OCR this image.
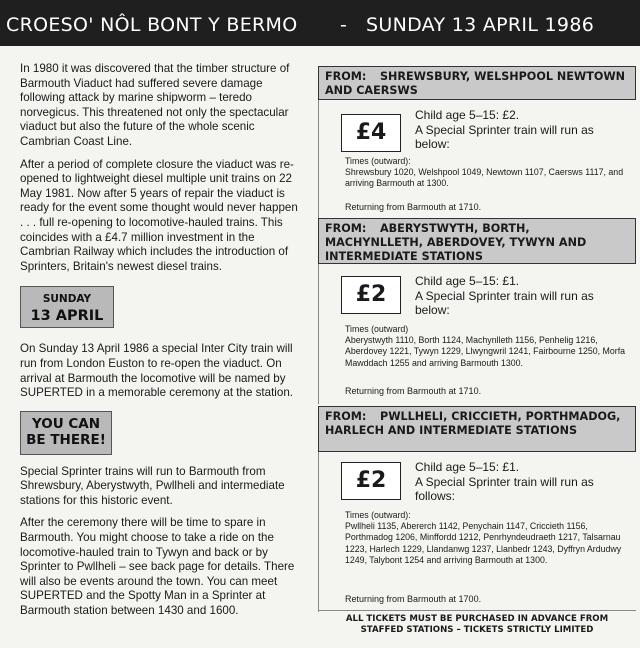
CROESO' NÔL BONT Y BERMO - SUNDAY 13 APRIL 1986

In 1980 it was discovered that the timber structure of Barmouth Viaduct had suffered severe damage following attack by marine shipworm – teredo norvegicus. This threatened not only the spectacular viaduct but also the future of the whole scenic Cambrian Coast Line.

After a period of complete closure the viaduct was re-opened to lightweight diesel multiple unit trains on 22 May 1981. Now after 5 years of repair the viaduct is ready for the event some thought would never happen . . . full re-opening to locomotive-hauled trains. This coincides with a £4.7 million investment in the Cambrian Railway which includes the introduction of Sprinters, Britain's newest diesel trains.

SUNDAY
13 APRIL

On Sunday 13 April 1986 a special Inter City train will run from London Euston to re-open the viaduct. On arrival at Barmouth the locomotive will be named by SUPERTED in a memorable ceremony at the station.

YOU CAN
BE THERE!

Special Sprinter trains will run to Barmouth from Shrewsbury, Aberystwyth, Pwllheli and intermediate stations for this historic event.

After the ceremony there will be time to spare in Barmouth. You might choose to take a ride on the locomotive-hauled train to Tywyn and back or by Sprinter to Pwllheli – see back page for details. There will also be events around the town. You can meet SUPERTED and the Spotty Man in a Sprinter at Barmouth station between 1430 and 1600.

FROM: SHREWSBURY, WELSHPOOL NEWTOWN AND CAERSWS
£4
Child age 5–15: £2.
A Special Sprinter train will run as below:
Times (outward):
Shrewsbury 1020, Welshpool 1049, Newtown 1107, Caersws 1117, and arriving Barmouth at 1300.
Returning from Barmouth at 1710.
FROM: ABERYSTWYTH, BORTH, MACHYNLLETH, ABERDOVEY, TYWYN AND INTERMEDIATE STATIONS
£2
Child age 5–15: £1.
A Special Sprinter train will run as below:
Times (outward)
Aberystwyth 1110, Borth 1124, Machynlleth 1156, Penhelig 1216, Aberdovey 1221, Tywyn 1229, Llwyngwril 1241, Fairbourne 1250, Morfa Mawddach 1255 and arriving Barmouth 1300.
Returning from Barmouth at 1710.
FROM: PWLLHELI, CRICCIETH, PORTHMADOG, HARLECH AND INTERMEDIATE STATIONS
£2
Child age 5–15: £1.
A Special Sprinter train will run as follows:
Times (outward):
Pwllheli 1135, Abererch 1142, Penychain 1147, Criccieth 1156, Porthmadog 1206, Minffordd 1212, Penrhyndeudraeth 1217, Talsarnau 1223, Harlech 1229, Llandanwg 1237, Llanbedr 1243, Dyffryn Ardudwy 1249, Talybont 1254 and arriving Barmouth at 1300.
Returning from Barmouth at 1700.
ALL TICKETS MUST BE PURCHASED IN ADVANCE FROM
STAFFED STATIONS – TICKETS STRICTLY LIMITED
